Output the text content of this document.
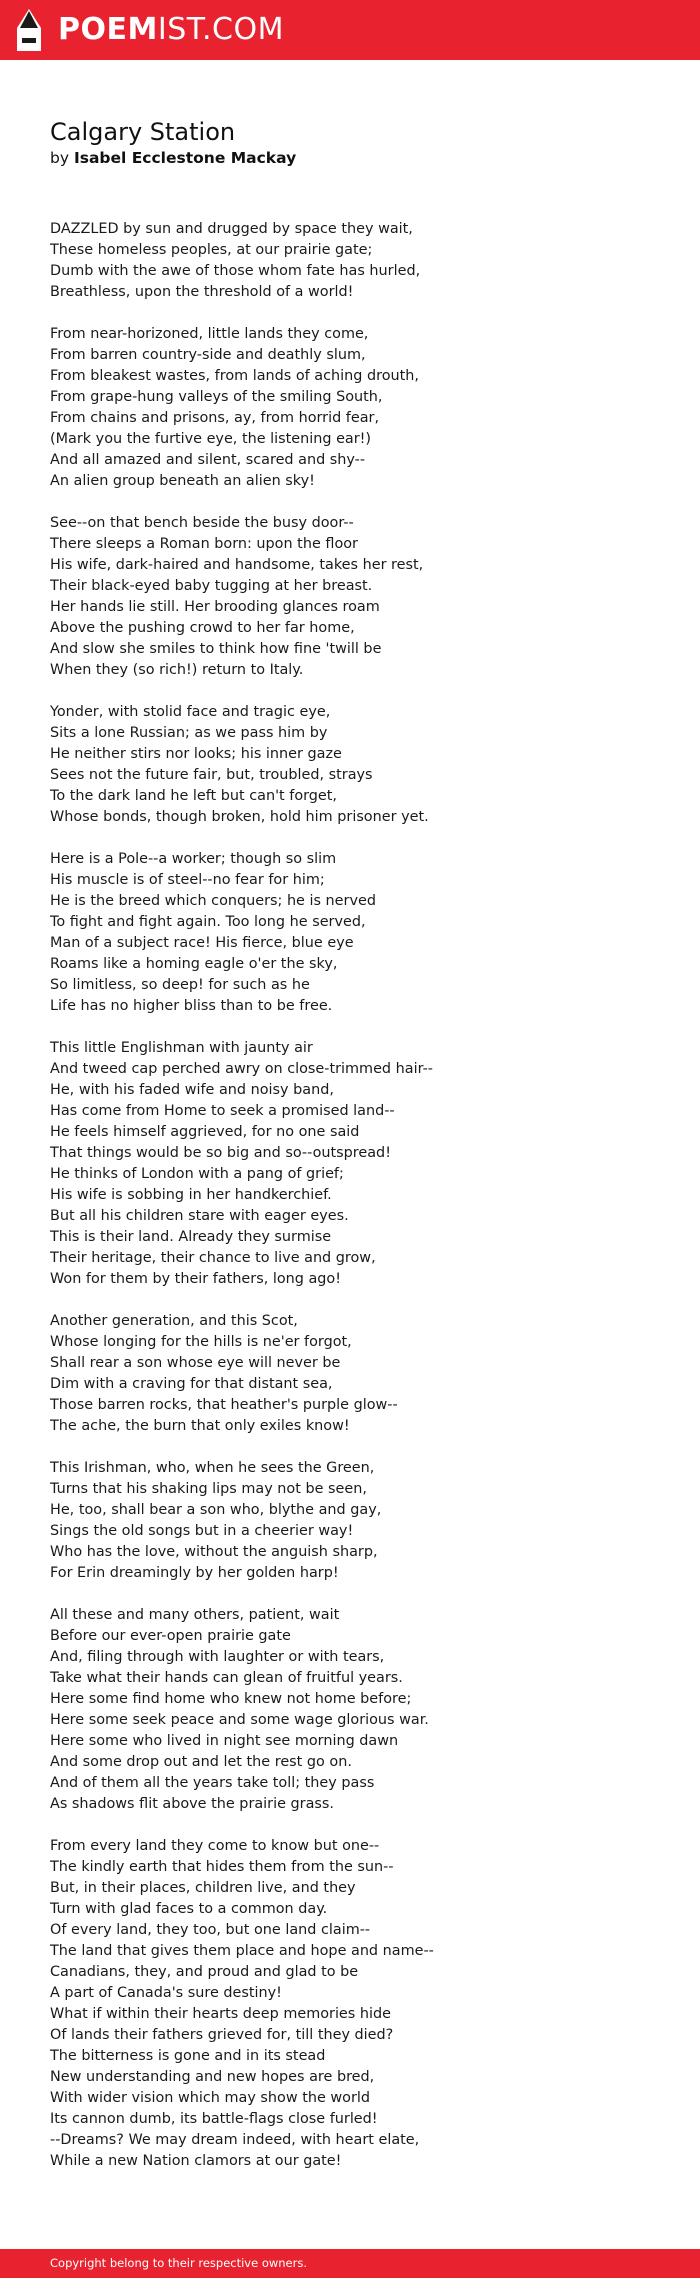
POEMIST.COM
Calgary Station
by Isabel Ecclestone Mackay
DAZZLED by sun and drugged by space they wait,
These homeless peoples, at our prairie gate;
Dumb with the awe of those whom fate has hurled,
Breathless, upon the threshold of a world!
From near-horizoned, little lands they come,
From barren country-side and deathly slum,
From bleakest wastes, from lands of aching drouth,
From grape-hung valleys of the smiling South,
From chains and prisons, ay, from horrid fear,
(Mark you the furtive eye, the listening ear!)
And all amazed and silent, scared and shy--
An alien group beneath an alien sky!
See--on that bench beside the busy door--
There sleeps a Roman born: upon the floor
His wife, dark-haired and handsome, takes her rest,
Their black-eyed baby tugging at her breast.
Her hands lie still. Her brooding glances roam
Above the pushing crowd to her far home,
And slow she smiles to think how fine 'twill be
When they (so rich!) return to Italy.
Yonder, with stolid face and tragic eye,
Sits a lone Russian; as we pass him by
He neither stirs nor looks; his inner gaze
Sees not the future fair, but, troubled, strays
To the dark land he left but can't forget,
Whose bonds, though broken, hold him prisoner yet.
Here is a Pole--a worker; though so slim
His muscle is of steel--no fear for him;
He is the breed which conquers; he is nerved
To fight and fight again. Too long he served,
Man of a subject race! His fierce, blue eye
Roams like a homing eagle o'er the sky,
So limitless, so deep! for such as he
Life has no higher bliss than to be free.
This little Englishman with jaunty air
And tweed cap perched awry on close-trimmed hair--
He, with his faded wife and noisy band,
Has come from Home to seek a promised land--
He feels himself aggrieved, for no one said
That things would be so big and so--outspread!
He thinks of London with a pang of grief;
His wife is sobbing in her handkerchief.
But all his children stare with eager eyes.
This is their land. Already they surmise
Their heritage, their chance to live and grow,
Won for them by their fathers, long ago!
Another generation, and this Scot,
Whose longing for the hills is ne'er forgot,
Shall rear a son whose eye will never be
Dim with a craving for that distant sea,
Those barren rocks, that heather's purple glow--
The ache, the burn that only exiles know!
This Irishman, who, when he sees the Green,
Turns that his shaking lips may not be seen,
He, too, shall bear a son who, blythe and gay,
Sings the old songs but in a cheerier way!
Who has the love, without the anguish sharp,
For Erin dreamingly by her golden harp!
All these and many others, patient, wait
Before our ever-open prairie gate
And, filing through with laughter or with tears,
Take what their hands can glean of fruitful years.
Here some find home who knew not home before;
Here some seek peace and some wage glorious war.
Here some who lived in night see morning dawn
And some drop out and let the rest go on.
And of them all the years take toll; they pass
As shadows flit above the prairie grass.
From every land they come to know but one--
The kindly earth that hides them from the sun--
But, in their places, children live, and they
Turn with glad faces to a common day.
Of every land, they too, but one land claim--
The land that gives them place and hope and name--
Canadians, they, and proud and glad to be
A part of Canada's sure destiny!
What if within their hearts deep memories hide
Of lands their fathers grieved for, till they died?
The bitterness is gone and in its stead
New understanding and new hopes are bred,
With wider vision which may show the world
Its cannon dumb, its battle-flags close furled!
--Dreams? We may dream indeed, with heart elate,
While a new Nation clamors at our gate!
Copyright belong to their respective owners.
